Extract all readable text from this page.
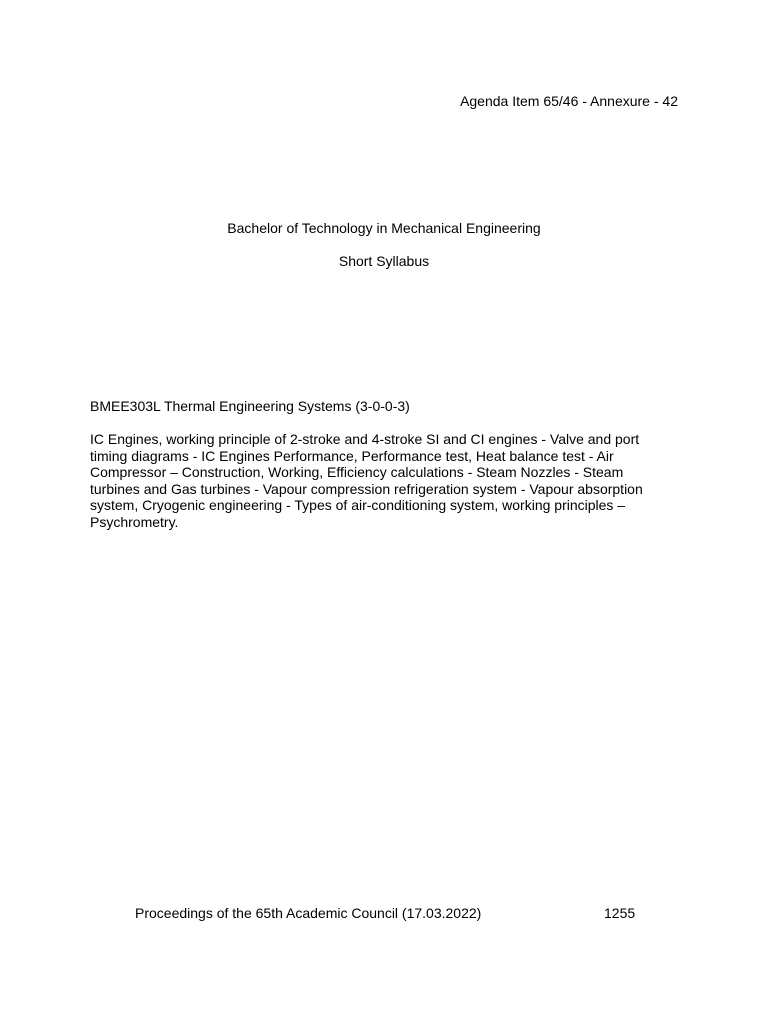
Agenda Item 65/46 - Annexure - 42
Bachelor of Technology in Mechanical Engineering
Short Syllabus
BMEE303L Thermal Engineering Systems (3-0-0-3)
IC Engines, working principle of 2-stroke and 4-stroke SI and CI engines - Valve and port
timing diagrams - IC Engines Performance, Performance test, Heat balance test - Air
Compressor – Construction, Working, Efficiency calculations - Steam Nozzles - Steam
turbines and Gas turbines - Vapour compression refrigeration system - Vapour absorption
system, Cryogenic engineering - Types of air-conditioning system, working principles –
Psychrometry.
Proceedings of the 65th Academic Council (17.03.2022)	1255
